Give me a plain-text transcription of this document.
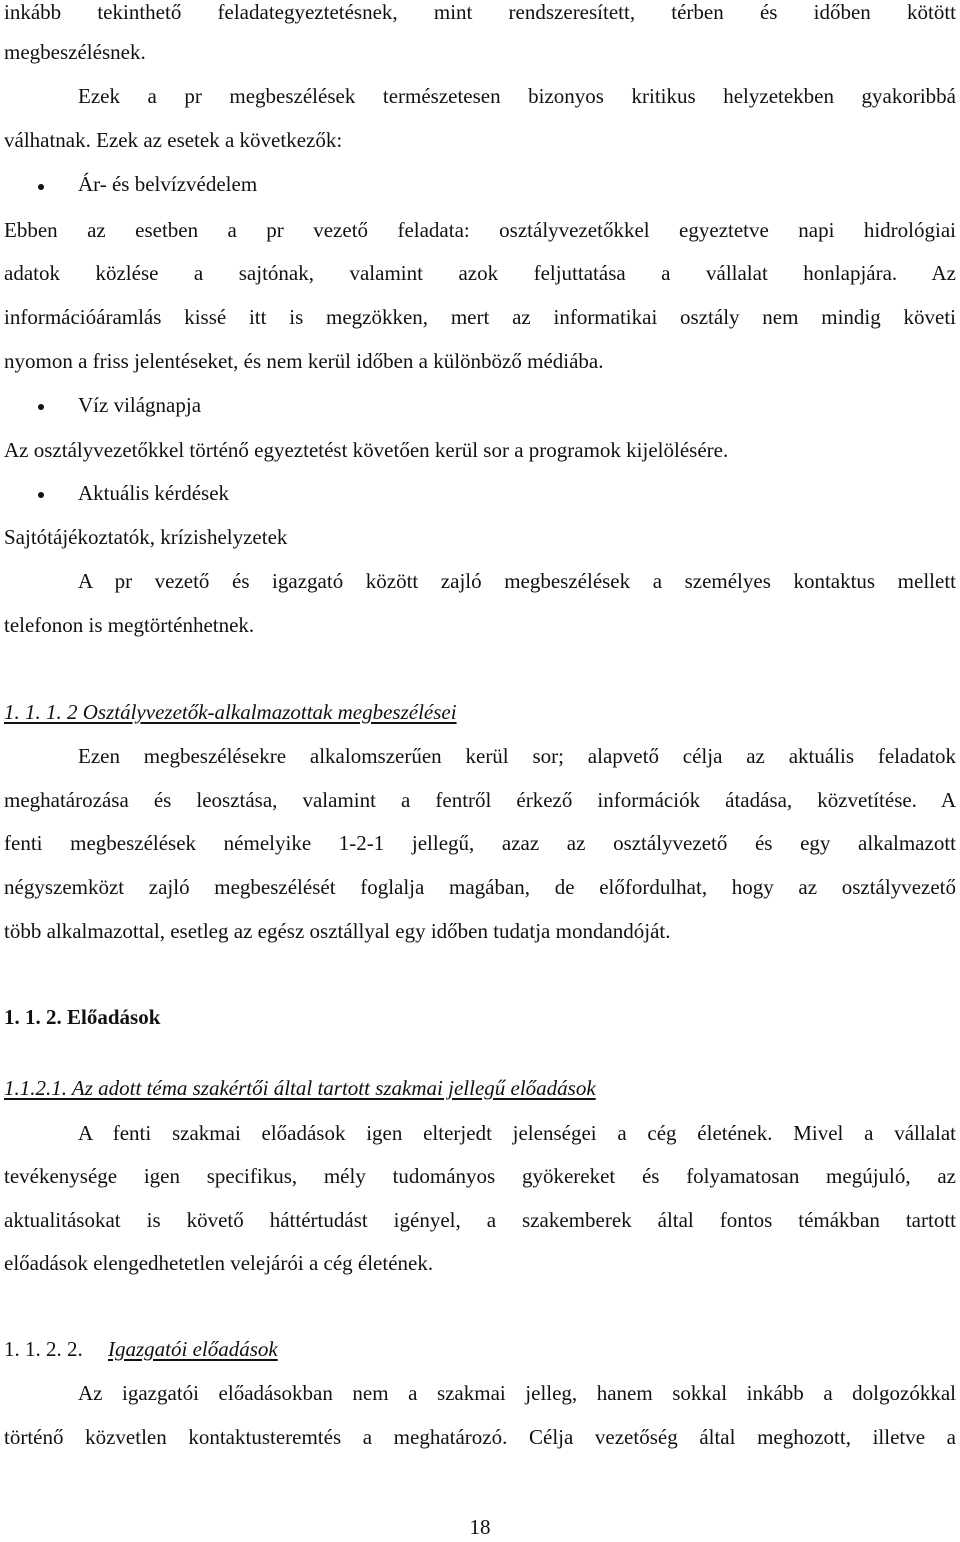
inkább tekinthető feladategyeztetésnek, mint rendszeresített, térben és időben kötött
megbeszélésnek.
Ezek a pr megbeszélések természetesen bizonyos kritikus helyzetekben gyakoribbá
válhatnak. Ezek az esetek a következők:
Ár- és belvízvédelem
Ebben az esetben a pr vezető feladata: osztályvezetőkkel egyeztetve napi hidrológiai
adatok közlése a sajtónak, valamint azok feljuttatása a vállalat honlapjára. Az
információáramlás kissé itt is megzökken, mert az informatikai osztály nem mindig követi
nyomon a friss jelentéseket, és nem kerül időben a különböző médiába.
Víz világnapja
Az osztályvezetőkkel történő egyeztetést követően kerül sor a programok kijelölésére.
Aktuális kérdések
Sajtótájékoztatók, krízishelyzetek
A pr vezető és igazgató között zajló megbeszélések a személyes kontaktus mellett
telefonon is megtörténhetnek.
1. 1. 1. 2 Osztályvezetők-alkalmazottak megbeszélései
Ezen megbeszélésekre alkalomszerűen kerül sor; alapvető célja az aktuális feladatok
meghatározása és leosztása, valamint a fentről érkező információk átadása, közvetítése. A
fenti megbeszélések némelyike 1-2-1 jellegű, azaz az osztályvezető és egy alkalmazott
négyszemközt zajló megbeszélését foglalja magában, de előfordulhat, hogy az osztályvezető
több alkalmazottal, esetleg az egész osztállyal egy időben tudatja mondandóját.
1. 1. 2. Előadások
1.1.2.1. Az adott téma szakértői által tartott szakmai jellegű előadások
A fenti szakmai előadások igen elterjedt jelenségei a cég életének. Mivel a vállalat
tevékenysége igen specifikus, mély tudományos gyökereket és folyamatosan megújuló, az
aktualitásokat is követő háttértudást igényel, a szakemberek által fontos témákban tartott
előadások elengedhetetlen velejárói a cég életének.
1. 1. 2. 2. Igazgatói előadások
Az igazgatói előadásokban nem a szakmai jelleg, hanem sokkal inkább a dolgozókkal
történő közvetlen kontaktusteremtés a meghatározó. Célja vezetőség által meghozott, illetve a
18
